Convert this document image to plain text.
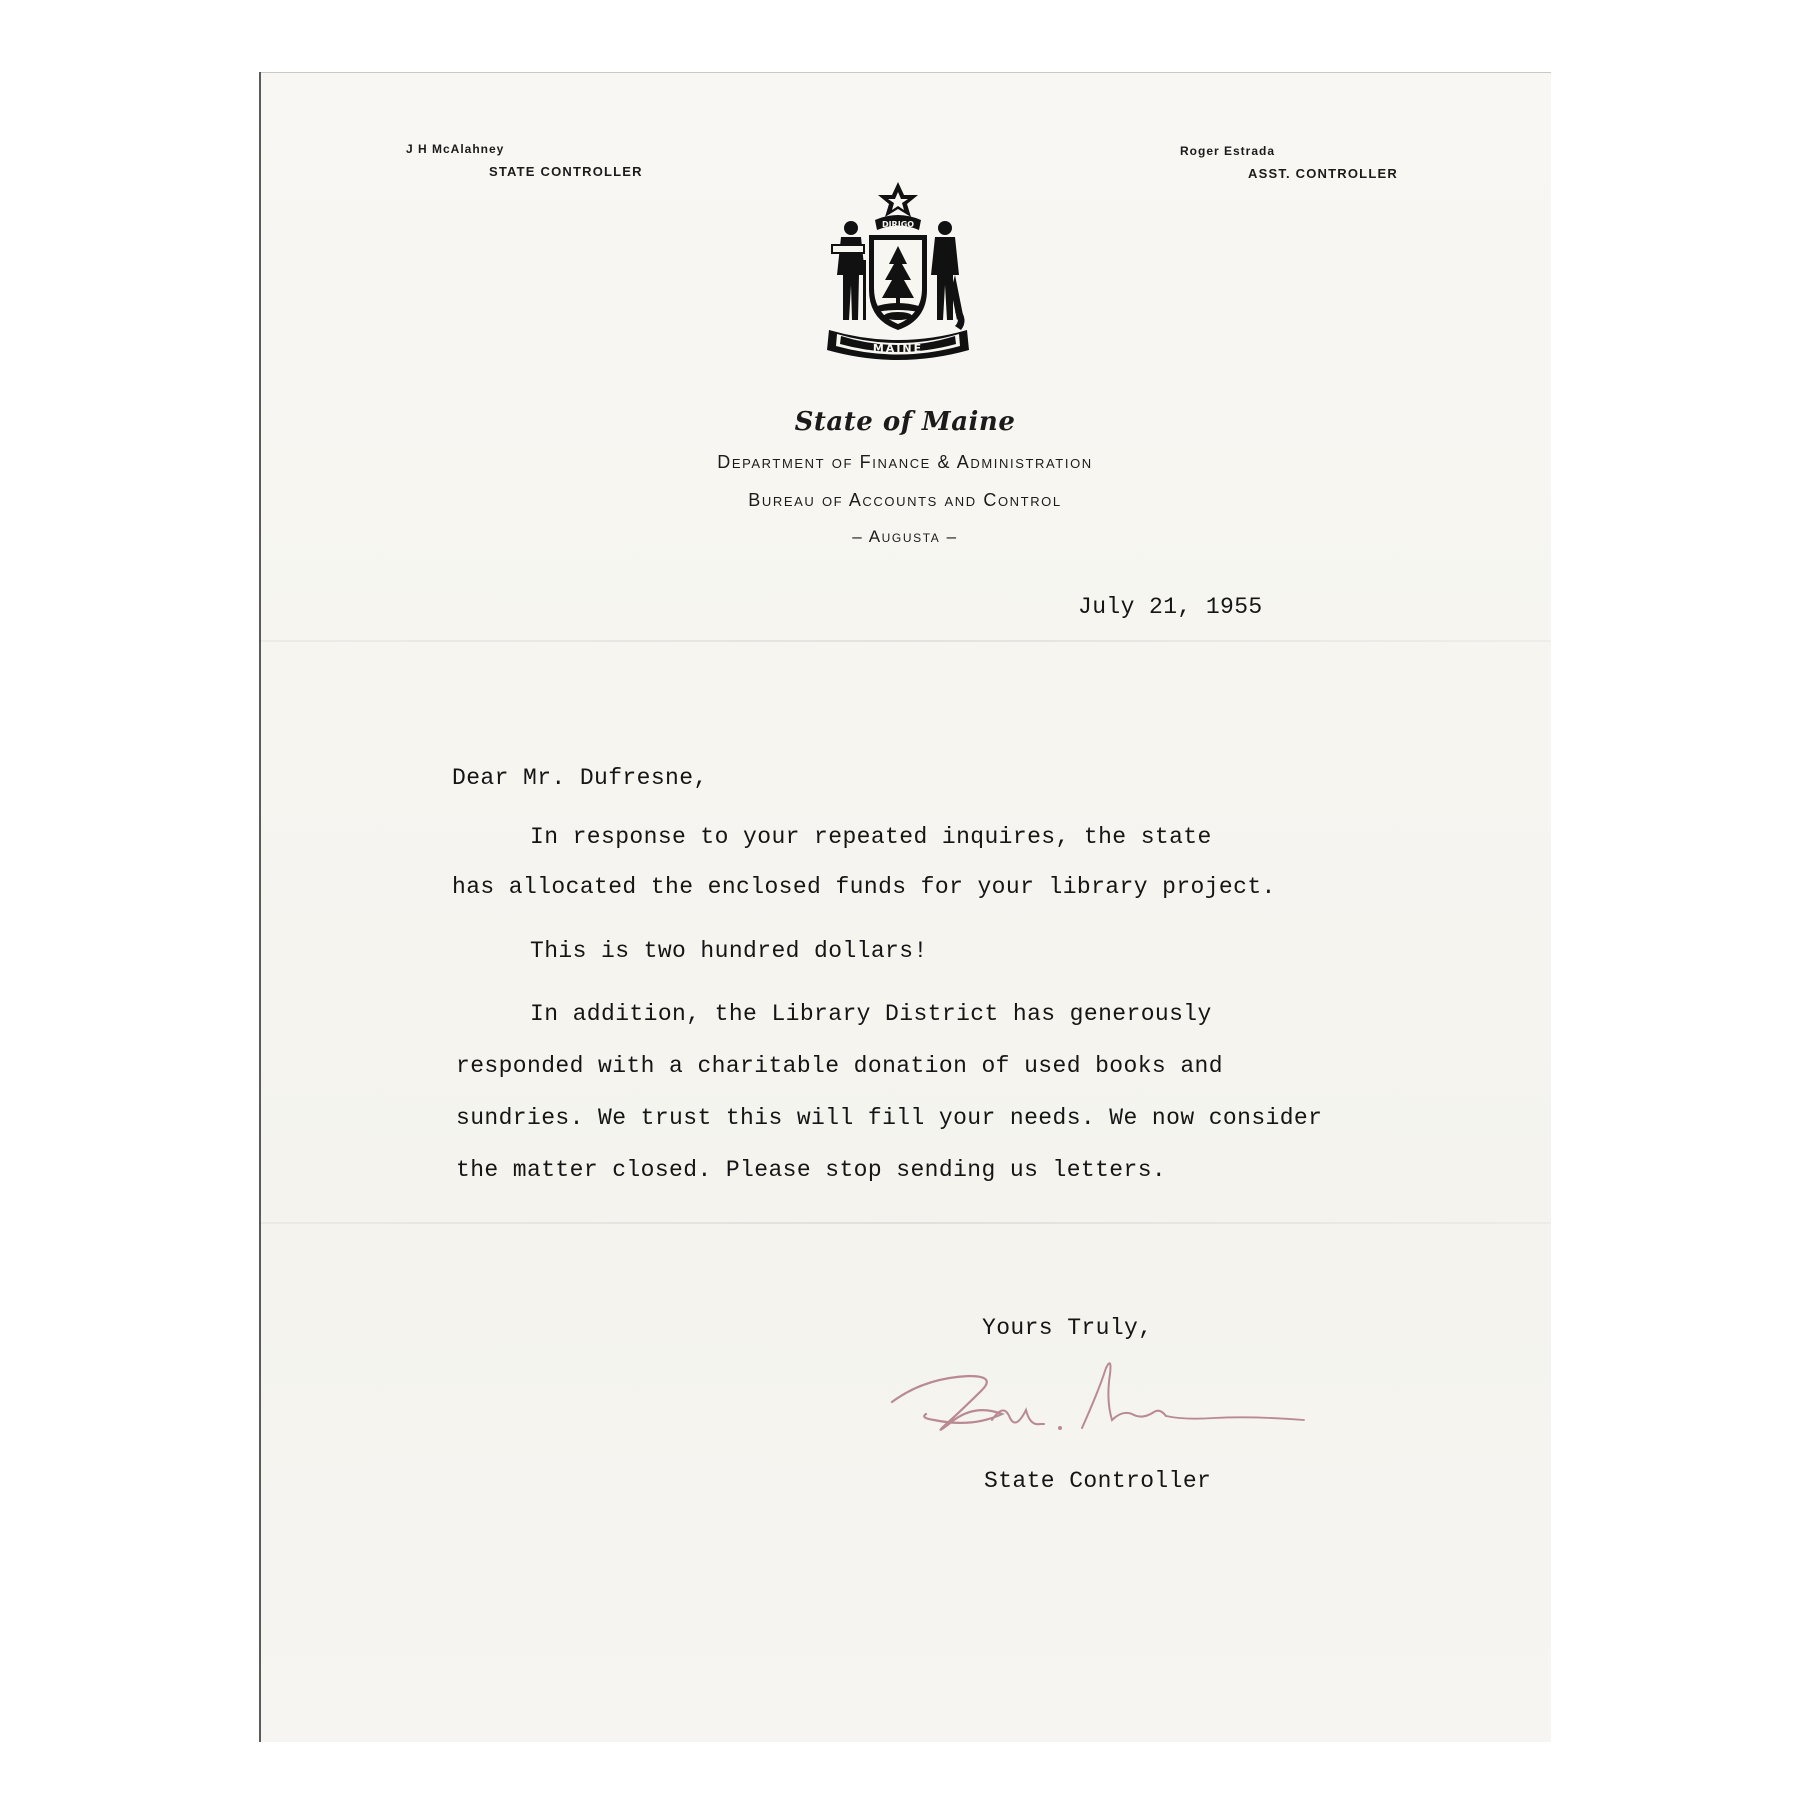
J H McAlahney
STATE CONTROLLER
Roger Estrada
ASST. CONTROLLER
DIRIGO
MAINE
State of Maine
Department of Finance & Administration
Bureau of Accounts and Control
– Augusta –
July 21, 1955
Dear Mr. Dufresne,
In response to your repeated inquires, the state
has allocated the enclosed funds for your library project.
This is two hundred dollars!
In addition, the Library District has generously
responded with a charitable donation of used books and
sundries. We trust this will fill your needs. We now consider
the matter closed. Please stop sending us letters.
Yours Truly,
State Controller
